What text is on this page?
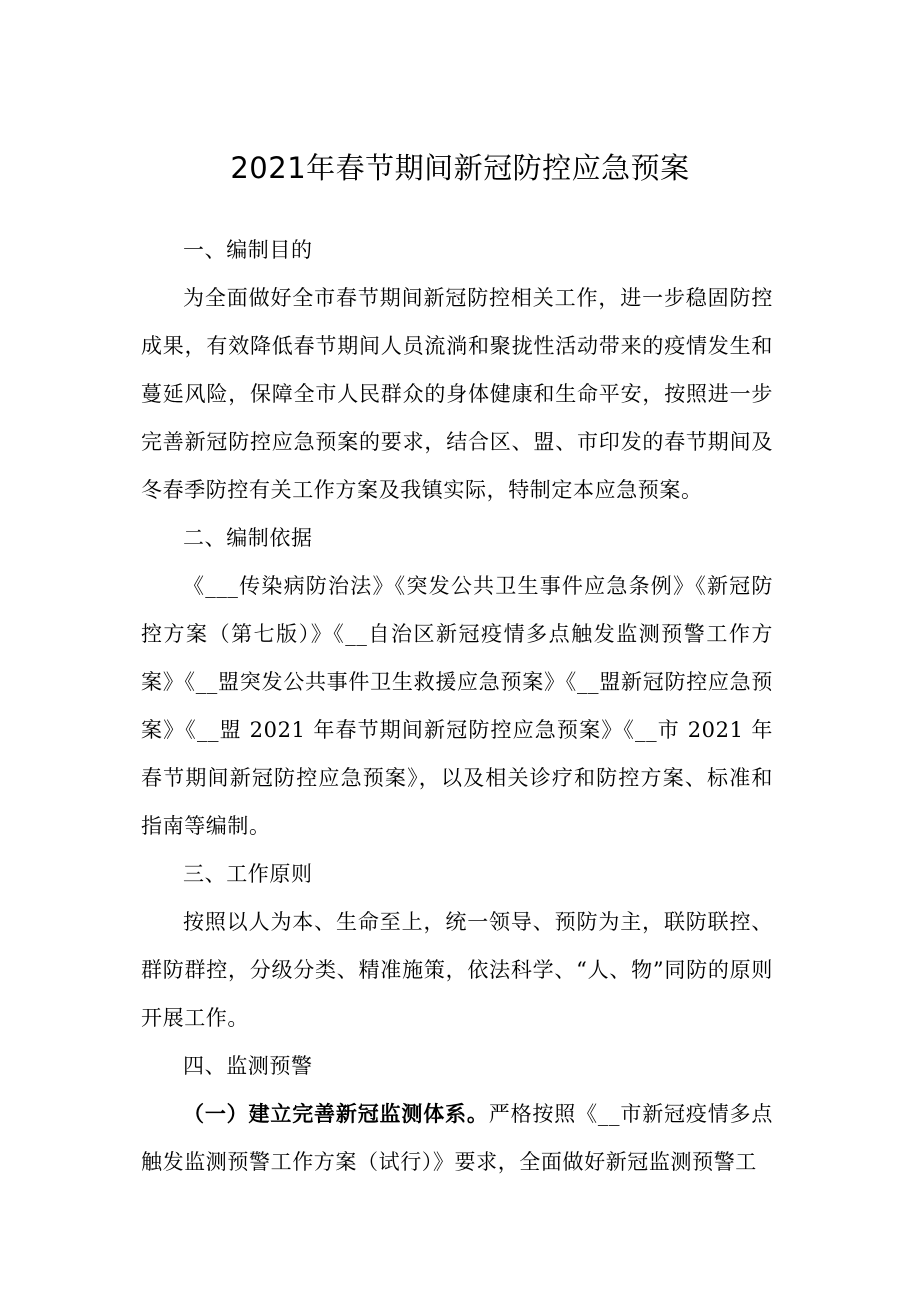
2021年春节期间新冠防控应急预案

一、编制目的

为全面做好全市春节期间新冠防控相关工作，进一步稳固防控成果，有效降低春节期间人员流淌和聚拢性活动带来的疫情发生和蔓延风险，保障全市人民群众的身体健康和生命平安，按照进一步完善新冠防控应急预案的要求，结合区、盟、市印发的春节期间及冬春季防控有关工作方案及我镇实际，特制定本应急预案。

二、编制依据

《___传染病防治法》《突发公共卫生事件应急条例》《新冠防控方案（第七版）》《__自治区新冠疫情多点触发监测预警工作方案》《__盟突发公共事件卫生救援应急预案》《__盟新冠防控应急预案》《__盟 2021 年春节期间新冠防控应急预案》《__市 2021 年春节期间新冠防控应急预案》，以及相关诊疗和防控方案、标准和指南等编制。

三、工作原则

按照以人为本、生命至上，统一领导、预防为主，联防联控、群防群控，分级分类、精准施策，依法科学、“人、物”同防的原则开展工作。

四、监测预警

（一）建立完善新冠监测体系。严格按照《__市新冠疫情多点触发监测预警工作方案（试行）》要求，全面做好新冠监测预警工
